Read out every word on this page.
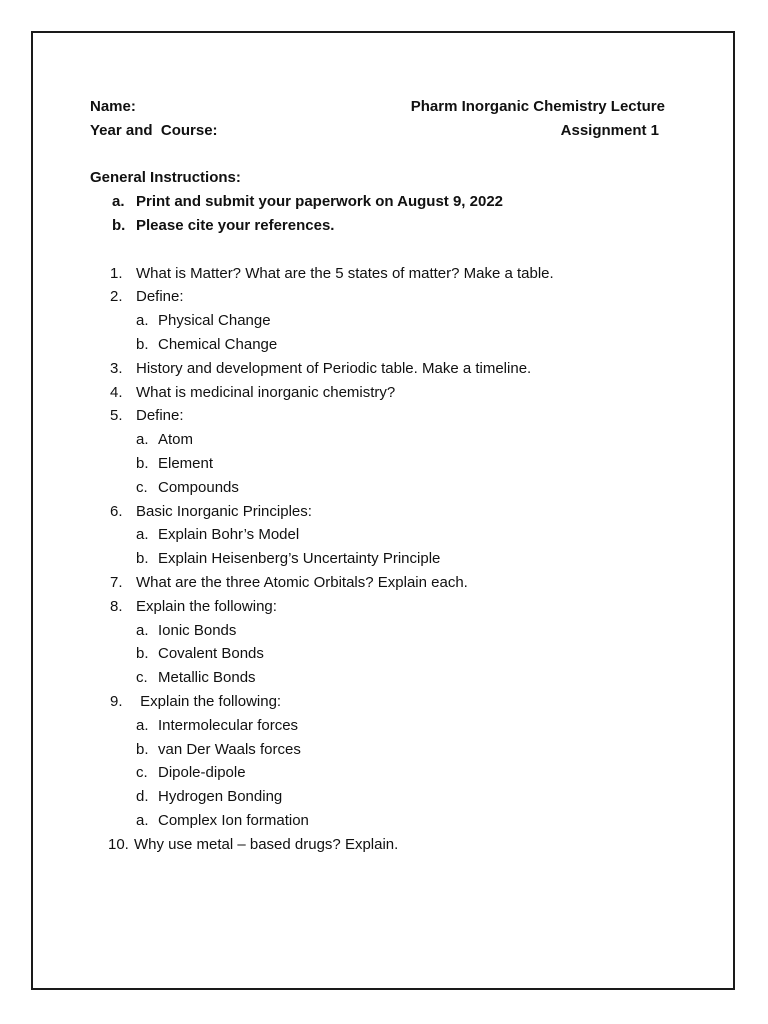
Name:	Pharm Inorganic Chemistry Lecture
Year and  Course:	Assignment 1
General Instructions:
a. Print and submit your paperwork on August 9, 2022
b. Please cite your references.
1. What is Matter? What are the 5 states of matter? Make a table.
2. Define:
a. Physical Change
b. Chemical Change
3. History and development of Periodic table. Make a timeline.
4. What is medicinal inorganic chemistry?
5. Define:
a. Atom
b. Element
c. Compounds
6. Basic Inorganic Principles:
a. Explain Bohr’s Model
b. Explain Heisenberg’s Uncertainty Principle
7. What are the three Atomic Orbitals? Explain each.
8. Explain the following:
a. Ionic Bonds
b. Covalent Bonds
c. Metallic Bonds
9. Explain the following:
a. Intermolecular forces
b. van Der Waals forces
c. Dipole-dipole
d. Hydrogen Bonding
a. Complex Ion formation
10. Why use metal – based drugs? Explain.
